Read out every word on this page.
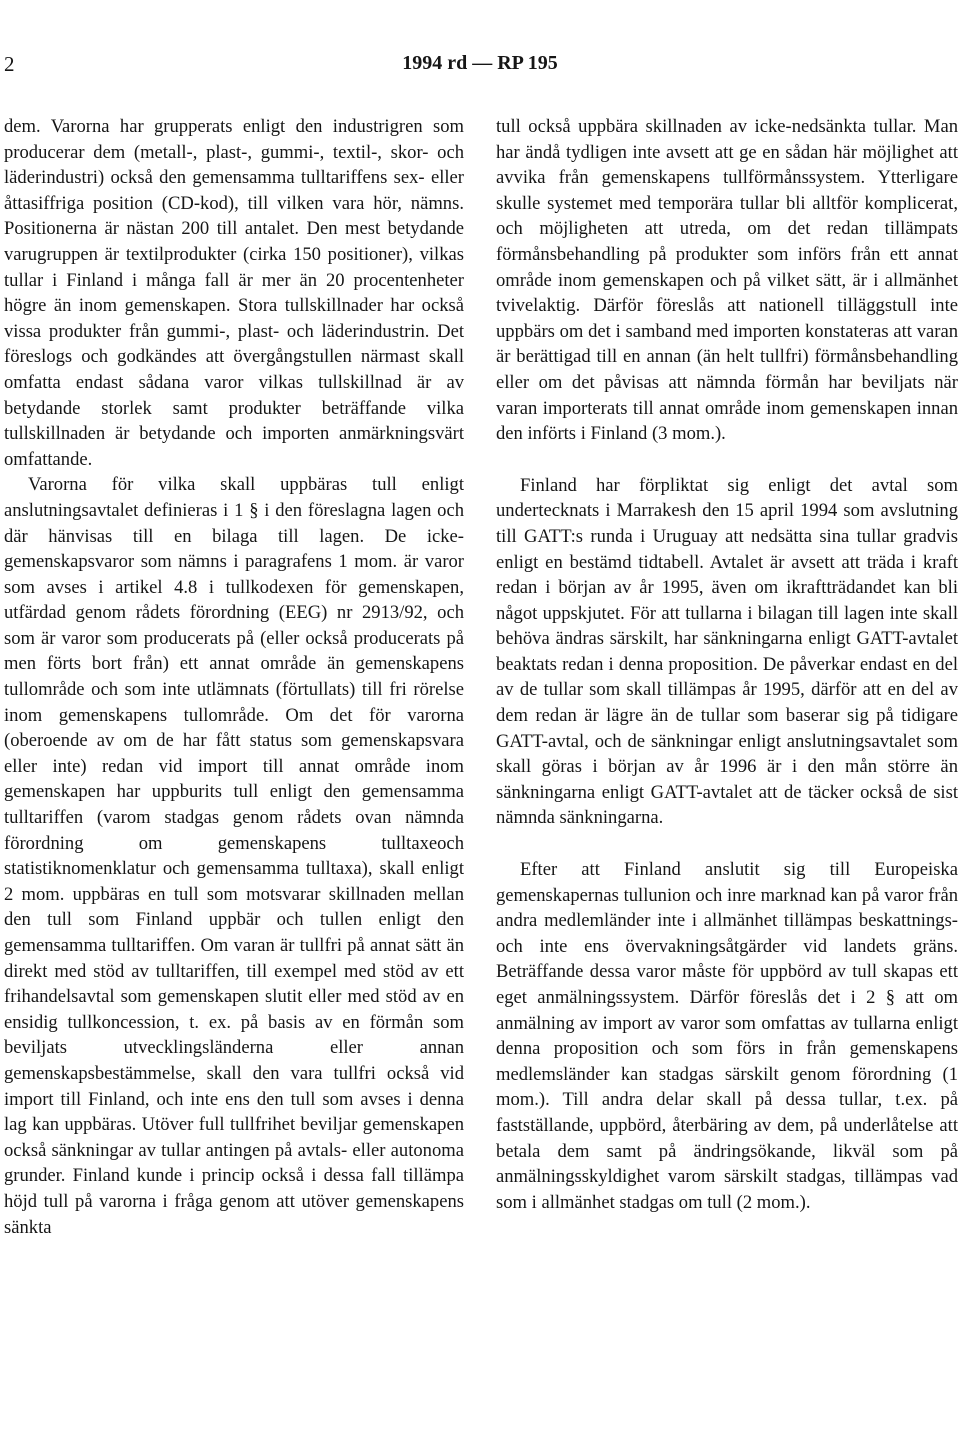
2	1994 rd — RP 195

dem. Varorna har grupperats enligt den industrigren som producerar dem (metall-, plast-, gummi-, textil-, skor- och läderindustri) också den gemensamma tulltariffens sex- eller åttasiffriga position (CD-kod), till vilken vara hör, nämns. Positionerna är nästan 200 till antalet. Den mest betydande varugruppen är textilprodukter (cirka 150 positioner), vilkas tullar i Finland i många fall är mer än 20 procentenheter högre än inom gemenskapen. Stora tullskillnader har också vissa produkter från gummi-, plast- och läderindustrin. Det föreslogs och godkändes att övergångstullen närmast skall omfatta endast sådana varor vilkas tullskillnad är av betydande storlek samt produkter beträffande vilka tullskillnaden är betydande och importen anmärkningsvärt omfattande.

Varorna för vilka skall uppbäras tull enligt anslutningsavtalet definieras i 1 § i den föreslagna lagen och där hänvisas till en bilaga till lagen. De icke-gemenskapsvaror som nämns i paragrafens 1 mom. är varor som avses i artikel 4.8 i tullkodexen för gemenskapen, utfärdad genom rådets förordning (EEG) nr 2913/92, och som är varor som producerats på (eller också producerats på men förts bort från) ett annat område än gemenskapens tullområde och som inte utlämnats (förtullats) till fri rörelse inom gemenskapens tullområde. Om det för varorna (oberoende av om de har fått status som gemenskapsvara eller inte) redan vid import till annat område inom gemenskapen har uppburits tull enligt den gemensamma tulltariffen (varom stadgas genom rådets ovan nämnda förordning om gemenskapens tulltaxeoch statistiknomenklatur och gemensamma tulltaxa), skall enligt 2 mom. uppbäras en tull som motsvarar skillnaden mellan den tull som Finland uppbär och tullen enligt den gemensamma tulltariffen. Om varan är tullfri på annat sätt än direkt med stöd av tulltariffen, till exempel med stöd av ett frihandelsavtal som gemenskapen slutit eller med stöd av en ensidig tullkoncession, t. ex. på basis av en förmån som beviljats utvecklingsländerna eller annan gemenskapsbestämmelse, skall den vara tullfri också vid import till Finland, och inte ens den tull som avses i denna lag kan uppbäras. Utöver full tullfrihet beviljar gemenskapen också sänkningar av tullar antingen på avtals- eller autonoma grunder. Finland kunde i princip också i dessa fall tillämpa höjd tull på varorna i fråga genom att utöver gemenskapens sänkta

tull också uppbära skillnaden av icke-nedsänkta tullar. Man har ändå tydligen inte avsett att ge en sådan här möjlighet att avvika från gemenskapens tullförmånssystem. Ytterligare skulle systemet med temporära tullar bli alltför komplicerat, och möjligheten att utreda, om det redan tillämpats förmånsbehandling på produkter som införs från ett annat område inom gemenskapen och på vilket sätt, är i allmänhet tvivelaktig. Därför föreslås att nationell tilläggstull inte uppbärs om det i samband med importen konstateras att varan är berättigad till en annan (än helt tullfri) förmånsbehandling eller om det påvisas att nämnda förmån har beviljats när varan importerats till annat område inom gemenskapen innan den införts i Finland (3 mom.).

Finland har förpliktat sig enligt det avtal som undertecknats i Marrakesh den 15 april 1994 som avslutning till GATT:s runda i Uruguay att nedsätta sina tullar gradvis enligt en bestämd tidtabell. Avtalet är avsett att träda i kraft redan i början av år 1995, även om ikraftträdandet kan bli något uppskjutet. För att tullarna i bilagan till lagen inte skall behöva ändras särskilt, har sänkningarna enligt GATT-avtalet beaktats redan i denna proposition. De påverkar endast en del av de tullar som skall tillämpas år 1995, därför att en del av dem redan är lägre än de tullar som baserar sig på tidigare GATT-avtal, och de sänkningar enligt anslutningsavtalet som skall göras i början av år 1996 är i den mån större än sänkningarna enligt GATT-avtalet att de täcker också de sist nämnda sänkningarna.

Efter att Finland anslutit sig till Europeiska gemenskapernas tullunion och inre marknad kan på varor från andra medlemländer inte i allmänhet tillämpas beskattnings- och inte ens övervakningsåtgärder vid landets gräns. Beträffande dessa varor måste för uppbörd av tull skapas ett eget anmälningssystem. Därför föreslås det i 2 § att om anmälning av import av varor som omfattas av tullarna enligt denna proposition och som förs in från gemenskapens medlemsländer kan stadgas särskilt genom förordning (1 mom.). Till andra delar skall på dessa tullar, t.ex. på fastställande, uppbörd, återbäring av dem, på underlåtelse att betala dem samt på ändringsökande, likväl som på anmälningsskyldighet varom särskilt stadgas, tillämpas vad som i allmänhet stadgas om tull (2 mom.).
